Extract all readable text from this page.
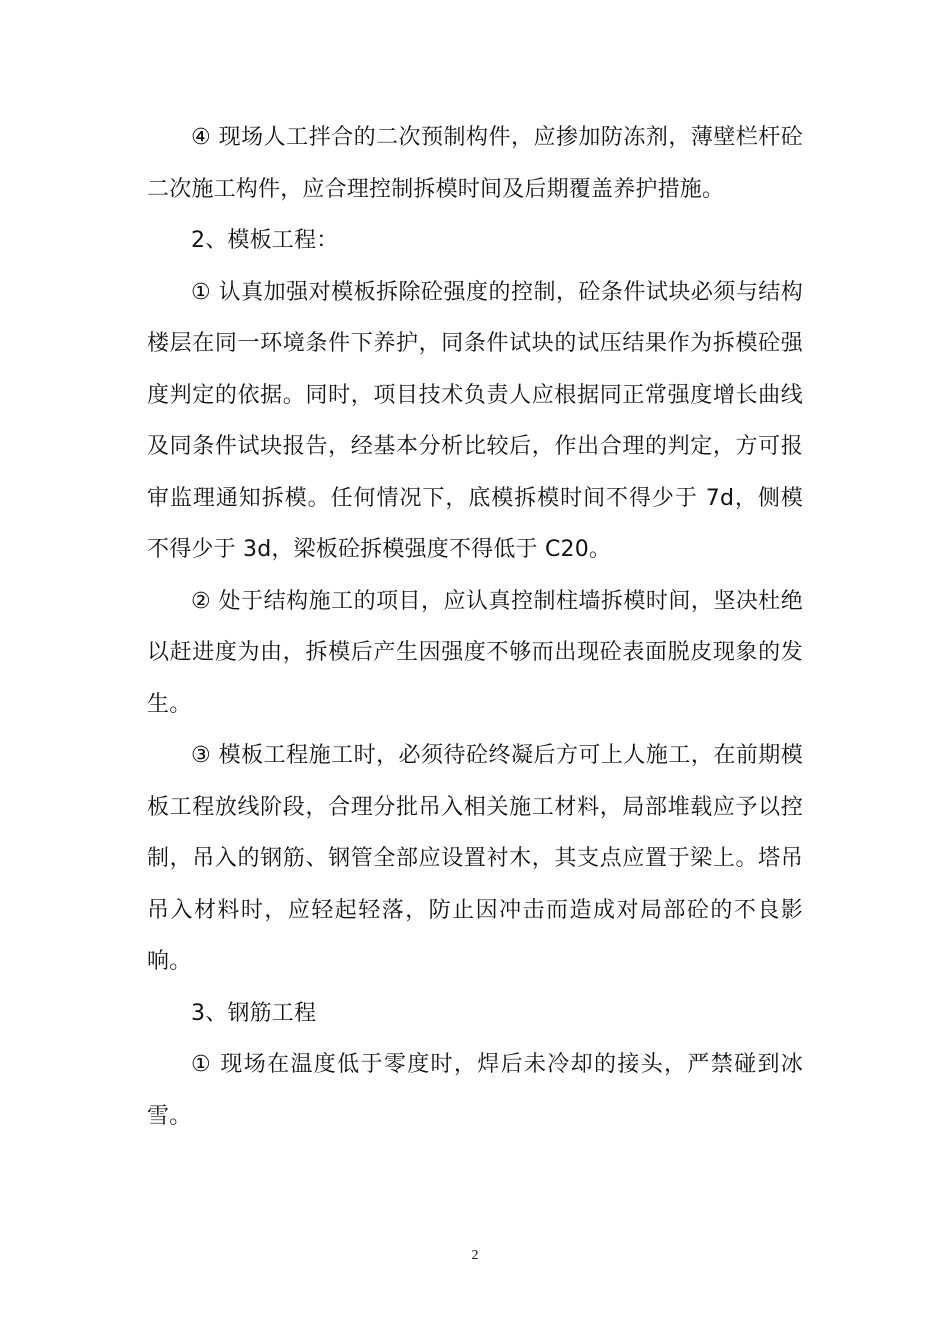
④ 现场人工拌合的二次预制构件，应掺加防冻剂，薄壁栏杆砼二次施工构件，应合理控制拆模时间及后期覆盖养护措施。

2、模板工程：

① 认真加强对模板拆除砼强度的控制，砼条件试块必须与结构楼层在同一环境条件下养护，同条件试块的试压结果作为拆模砼强度判定的依据。同时，项目技术负责人应根据同正常强度增长曲线及同条件试块报告，经基本分析比较后，作出合理的判定，方可报审监理通知拆模。任何情况下，底模拆模时间不得少于 7d，侧模不得少于 3d，梁板砼拆模强度不得低于 C20。

② 处于结构施工的项目，应认真控制柱墙拆模时间，坚决杜绝以赶进度为由，拆模后产生因强度不够而出现砼表面脱皮现象的发生。

③ 模板工程施工时，必须待砼终凝后方可上人施工，在前期模板工程放线阶段，合理分批吊入相关施工材料，局部堆载应予以控制，吊入的钢筋、钢管全部应设置衬木，其支点应置于梁上。塔吊吊入材料时，应轻起轻落，防止因冲击而造成对局部砼的不良影响。

3、钢筋工程

① 现场在温度低于零度时，焊后未冷却的接头，严禁碰到冰雪。

2
